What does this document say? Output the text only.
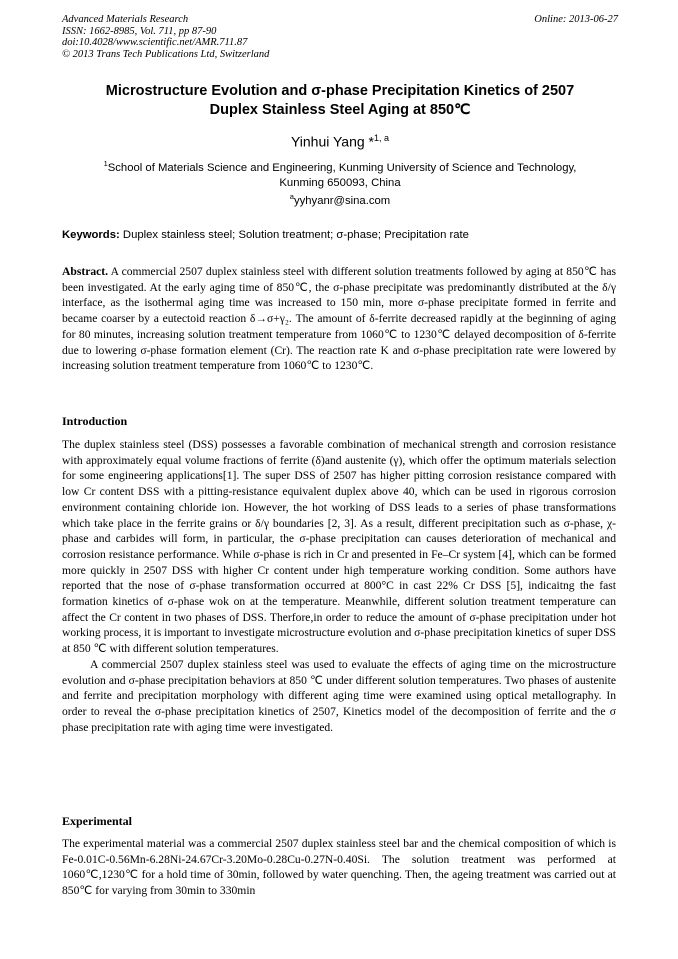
Advanced Materials Research
ISSN: 1662-8985, Vol. 711, pp 87-90
doi:10.4028/www.scientific.net/AMR.711.87
© 2013 Trans Tech Publications Ltd, Switzerland
Online: 2013-06-27
Microstructure Evolution and σ-phase Precipitation Kinetics of 2507
Duplex Stainless Steel Aging at 850℃
Yinhui Yang *$^{1, a}$
$^1$School of Materials Science and Engineering, Kunming University of Science and Technology,
Kunming 650093, China
$^a$yyhyanr@sina.com
Keywords: Duplex stainless steel; Solution treatment; σ-phase; Precipitation rate
Abstract. A commercial 2507 duplex stainless steel with different solution treatments followed by aging at 850℃ has been investigated. At the early aging time of 850℃, the σ-phase precipitate was predominantly distributed at the δ/γ interface, as the isothermal aging time was increased to 150 min, more σ-phase precipitate formed in ferrite and became coarser by a eutectoid reaction δ→σ+γ₂. The amount of δ-ferrite decreased rapidly at the beginning of aging for 80 minutes, increasing solution treatment temperature from 1060℃ to 1230℃ delayed decomposition of δ-ferrite due to lowering σ-phase formation element (Cr). The reaction rate K and σ-phase precipitation rate were lowered by increasing solution treatment temperature from 1060℃ to 1230℃.
Introduction

The duplex stainless steel (DSS) possesses a favorable combination of mechanical strength and corrosion resistance with approximately equal volume fractions of ferrite (δ)and austenite (γ), which offer the optimum materials selection for some engineering applications[1]. The super DSS of 2507 has higher pitting corrosion resistance compared with low Cr content DSS with a pitting-resistance equivalent duplex above 40, which can be used in rigorous corrosion environment containing chloride ion. However, the hot working of DSS leads to a series of phase transformations which take place in the ferrite grains or δ/γ boundaries [2, 3]. As a result, different precipitation such as σ-phase, χ-phase and carbides will form, in particular, the σ-phase precipitation can causes deterioration of mechanical and corrosion resistance performance. While σ-phase is rich in Cr and presented in Fe–Cr system [4], which can be formed more quickly in 2507 DSS with higher Cr content under high temperature working condition. Some authors have reported that the nose of σ-phase transformation occurred at 800°C in cast 22% Cr DSS [5], indicaitng the fast formation kinetics of σ-phase wok on at the temperature. Meanwhile, different solution treatment temperature can affect the Cr content in two phases of DSS. Therfore,in order to reduce the amount of σ-phase precipitation under hot working process, it is important to investigate microstructure evolution and σ-phase precipitation kinetics of super DSS at 850 ℃ with different solution temperatures.

A commercial 2507 duplex stainless steel was used to evaluate the effects of aging time on the microstructure evolution and σ-phase precipitation behaviors at 850 ℃ under different solution temperatures. Two phases of austenite and ferrite and precipitation morphology with different aging time were examined using optical metallography. In order to reveal the σ-phase precipitation kinetics of 2507, Kinetics model of the decomposition of ferrite and the σ phase precipitation rate with aging time were investigated.

Experimental

The experimental material was a commercial 2507 duplex stainless steel bar and the chemical composition of which is Fe-0.01C-0.56Mn-6.28Ni-24.67Cr-3.20Mo-0.28Cu-0.27N-0.40Si. The solution treatment was performed at 1060℃,1230℃ for a hold time of 30min, followed by water quenching. Then, the ageing treatment was carried out at 850℃ for varying from 30min to 330min
